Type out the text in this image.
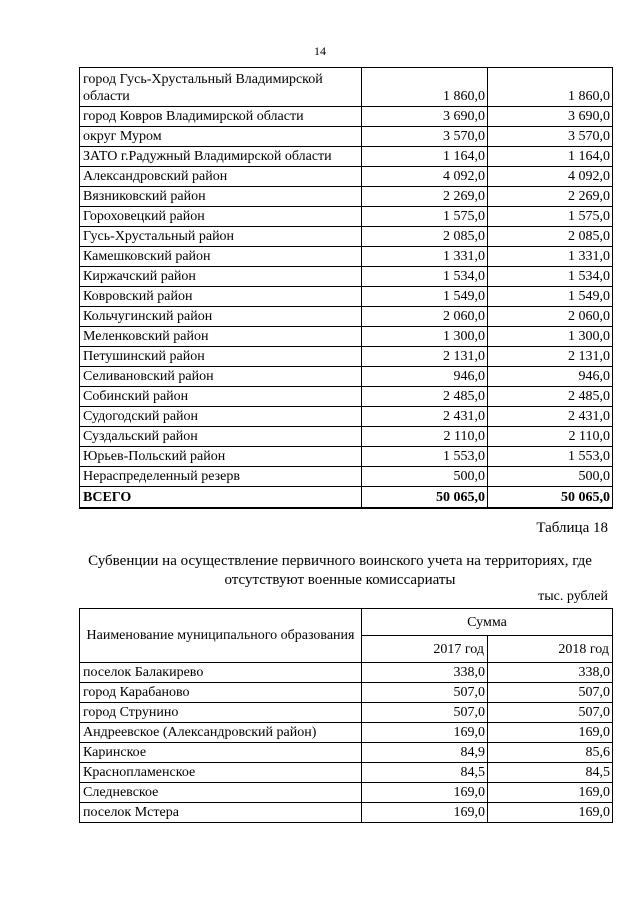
14
город Гусь-Хрустальный Владимирской области	1 860,0	1 860,0
город Ковров Владимирской области	3 690,0	3 690,0
округ Муром	3 570,0	3 570,0
ЗАТО г.Радужный Владимирской области	1 164,0	1 164,0
Александровский район	4 092,0	4 092,0
Вязниковский район	2 269,0	2 269,0
Гороховецкий район	1 575,0	1 575,0
Гусь-Хрустальный район	2 085,0	2 085,0
Камешковский район	1 331,0	1 331,0
Киржачский район	1 534,0	1 534,0
Ковровский район	1 549,0	1 549,0
Кольчугинский район	2 060,0	2 060,0
Меленковский район	1 300,0	1 300,0
Петушинский район	2 131,0	2 131,0
Селивановский район	946,0	946,0
Собинский район	2 485,0	2 485,0
Судогодский район	2 431,0	2 431,0
Суздальский район	2 110,0	2 110,0
Юрьев-Польский район	1 553,0	1 553,0
Нераспределенный резерв	500,0	500,0
ВСЕГО	50 065,0	50 065,0
Таблица 18
Субвенции на осуществление первичного воинского учета на территориях, где отсутствуют военные комиссариаты
тыс. рублей
Наименование муниципального образования	Сумма	
	2017 год	2018 год
поселок Балакирево	338,0	338,0
город Карабаново	507,0	507,0
город Струнино	507,0	507,0
Андреевское (Александровский район)	169,0	169,0
Каринское	84,9	85,6
Краснопламенское	84,5	84,5
Следневское	169,0	169,0
поселок Мстера	169,0	169,0
